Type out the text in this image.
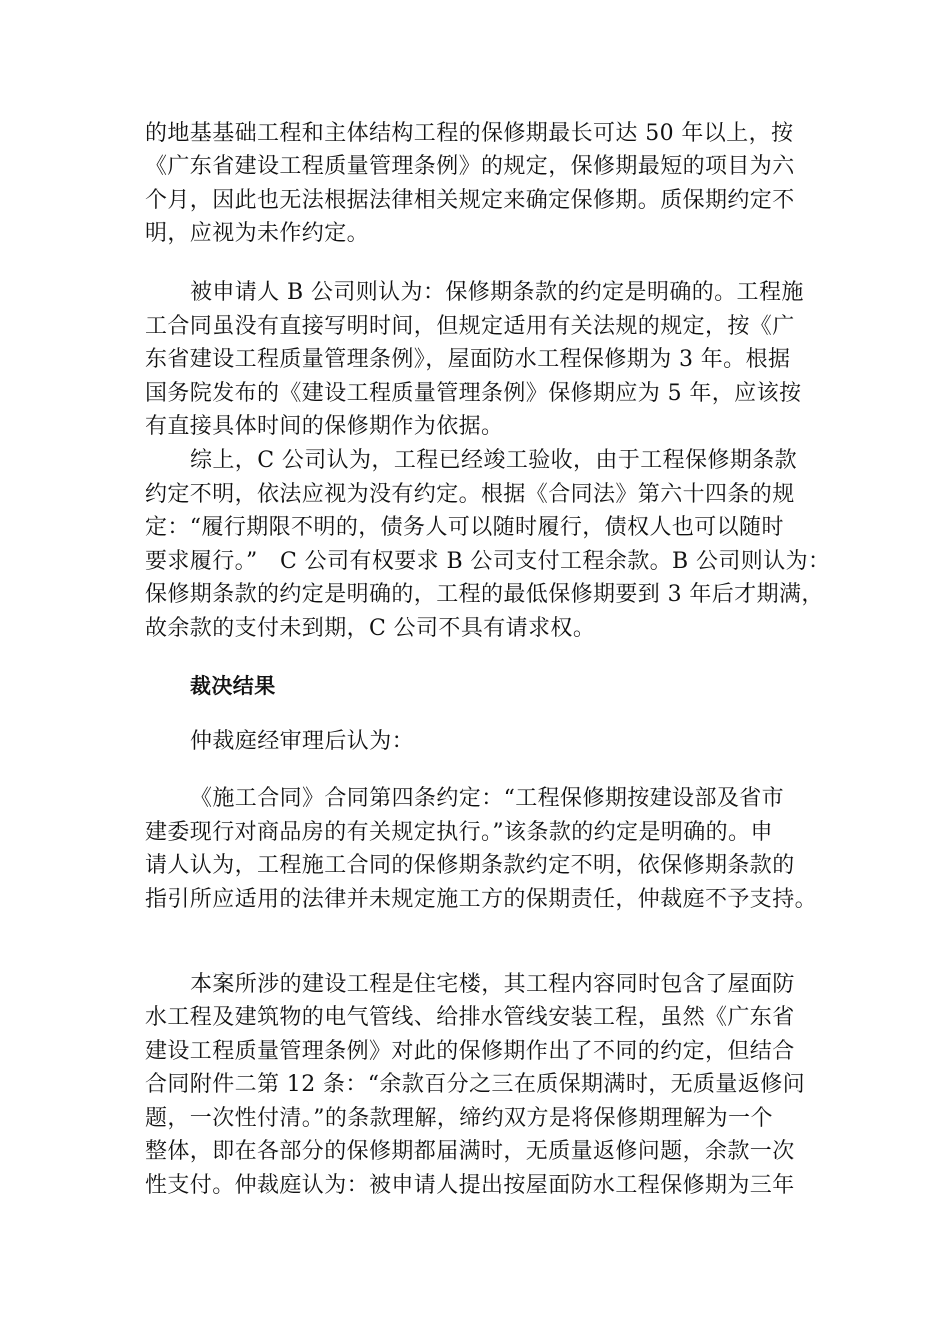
的地基基础工程和主体结构工程的保修期最长可达 50 年以上，按

《广东省建设工程质量管理条例》的规定，保修期最短的项目为六

个月，因此也无法根据法律相关规定来确定保修期。质保期约定不

明，应视为未作约定。

被申请人 B 公司则认为：保修期条款的约定是明确的。工程施

工合同虽没有直接写明时间，但规定适用有关法规的规定，按《广

东省建设工程质量管理条例》，屋面防水工程保修期为 3 年。根据

国务院发布的《建设工程质量管理条例》保修期应为 5 年，应该按

有直接具体时间的保修期作为依据。

综上，C 公司认为，工程已经竣工验收，由于工程保修期条款

约定不明，依法应视为没有约定。根据《合同法》第六十四条的规

定：“履行期限不明的，债务人可以随时履行，债权人也可以随时

要求履行。”　C 公司有权要求 B 公司支付工程余款。B 公司则认为：

保修期条款的约定是明确的，工程的最低保修期要到 3 年后才期满，

故余款的支付未到期，C 公司不具有请求权。

裁决结果

仲裁庭经审理后认为：

《施工合同》合同第四条约定：“工程保修期按建设部及省市

建委现行对商品房的有关规定执行。”该条款的约定是明确的。申

请人认为，工程施工合同的保修期条款约定不明，依保修期条款的

指引所应适用的法律并未规定施工方的保期责任，仲裁庭不予支持。

本案所涉的建设工程是住宅楼，其工程内容同时包含了屋面防

水工程及建筑物的电气管线、给排水管线安装工程，虽然《广东省

建设工程质量管理条例》对此的保修期作出了不同的约定，但结合

合同附件二第 12 条：“余款百分之三在质保期满时，无质量返修问

题，一次性付清。”的条款理解，缔约双方是将保修期理解为一个

整体，即在各部分的保修期都届满时，无质量返修问题，余款一次

性支付。仲裁庭认为：被申请人提出按屋面防水工程保修期为三年
